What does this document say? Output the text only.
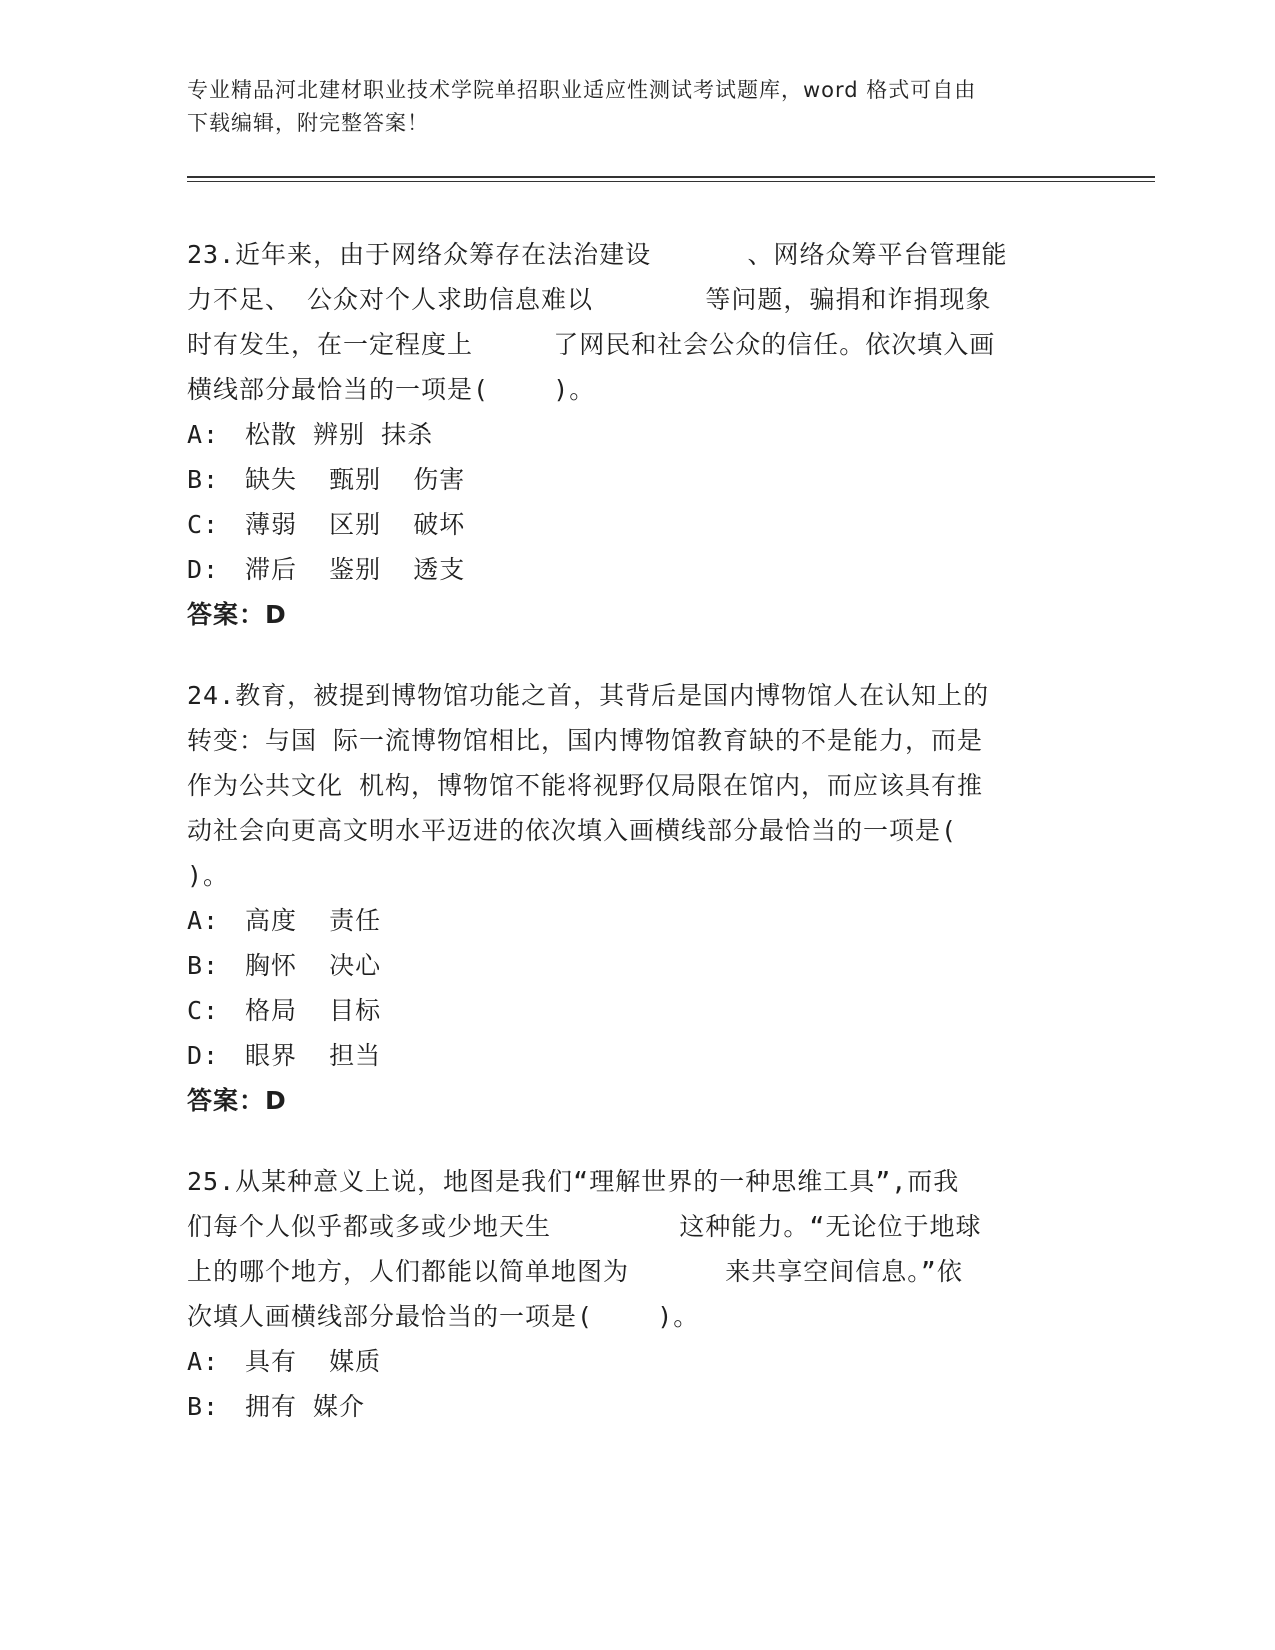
专业精品河北建材职业技术学院单招职业适应性测试考试题库，word 格式可自由
下载编辑，附完整答案！
23.近年来，由于网络众筹存在法治建设      、网络众筹平台管理能
力不足、 公众对个人求助信息难以       等问题，骗捐和诈捐现象
时有发生，在一定程度上     了网民和社会公众的信任。依次填入画
横线部分最恰当的一项是(    )。
A: 松散 辨别 抹杀
B: 缺失  甄别  伤害
C: 薄弱  区别  破坏
D: 滞后  鉴别  透支
答案：D
24.教育，被提到博物馆功能之首，其背后是国内博物馆人在认知上的
转变：与国 际一流博物馆相比，国内博物馆教育缺的不是能力，而是
作为公共文化 机构，博物馆不能将视野仅局限在馆内，而应该具有推
动社会向更高文明水平迈进的依次填入画横线部分最恰当的一项是(
)。
A: 高度  责任
B: 胸怀  决心
C: 格局  目标
D: 眼界  担当
答案：D
25.从某种意义上说，地图是我们“理解世界的一种思维工具”,而我
们每个人似乎都或多或少地天生        这种能力。“无论位于地球
上的哪个地方，人们都能以简单地图为      来共享空间信息。”依
次填人画横线部分最恰当的一项是(    )。
A: 具有  媒质
B: 拥有 媒介
